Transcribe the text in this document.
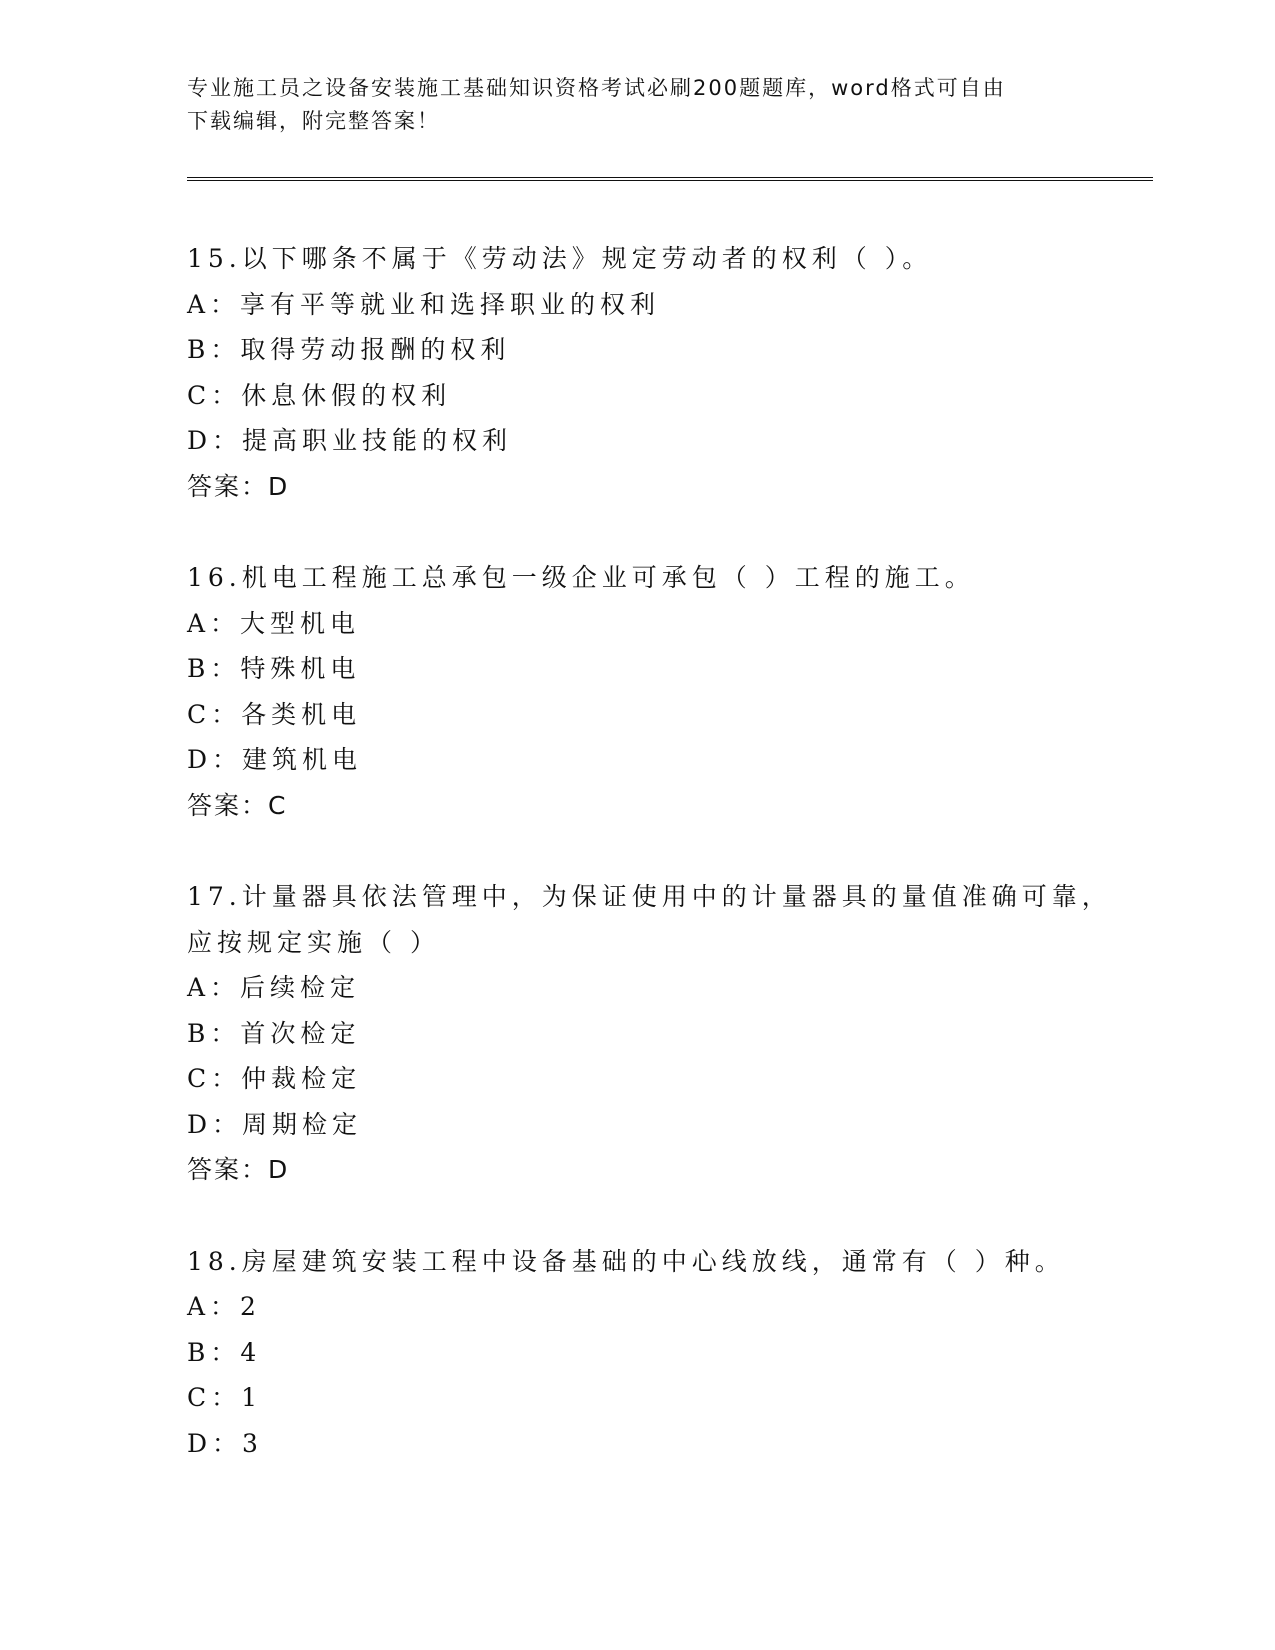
专业施工员之设备安装施工基础知识资格考试必刷200题题库，word格式可自由
下载编辑，附完整答案！
15.以下哪条不属于《劳动法》规定劳动者的权利（ ）。
A：享有平等就业和选择职业的权利
B：取得劳动报酬的权利
C：休息休假的权利
D：提高职业技能的权利
答案：D
16.机电工程施工总承包一级企业可承包（ ）工程的施工。
A：大型机电
B：特殊机电
C：各类机电
D：建筑机电
答案：C
17.计量器具依法管理中，为保证使用中的计量器具的量值准确可靠，
应按规定实施（ ）
A：后续检定
B：首次检定
C：仲裁检定
D：周期检定
答案：D
18.房屋建筑安装工程中设备基础的中心线放线，通常有（ ）种。
A：2
B：4
C：1
D：3
